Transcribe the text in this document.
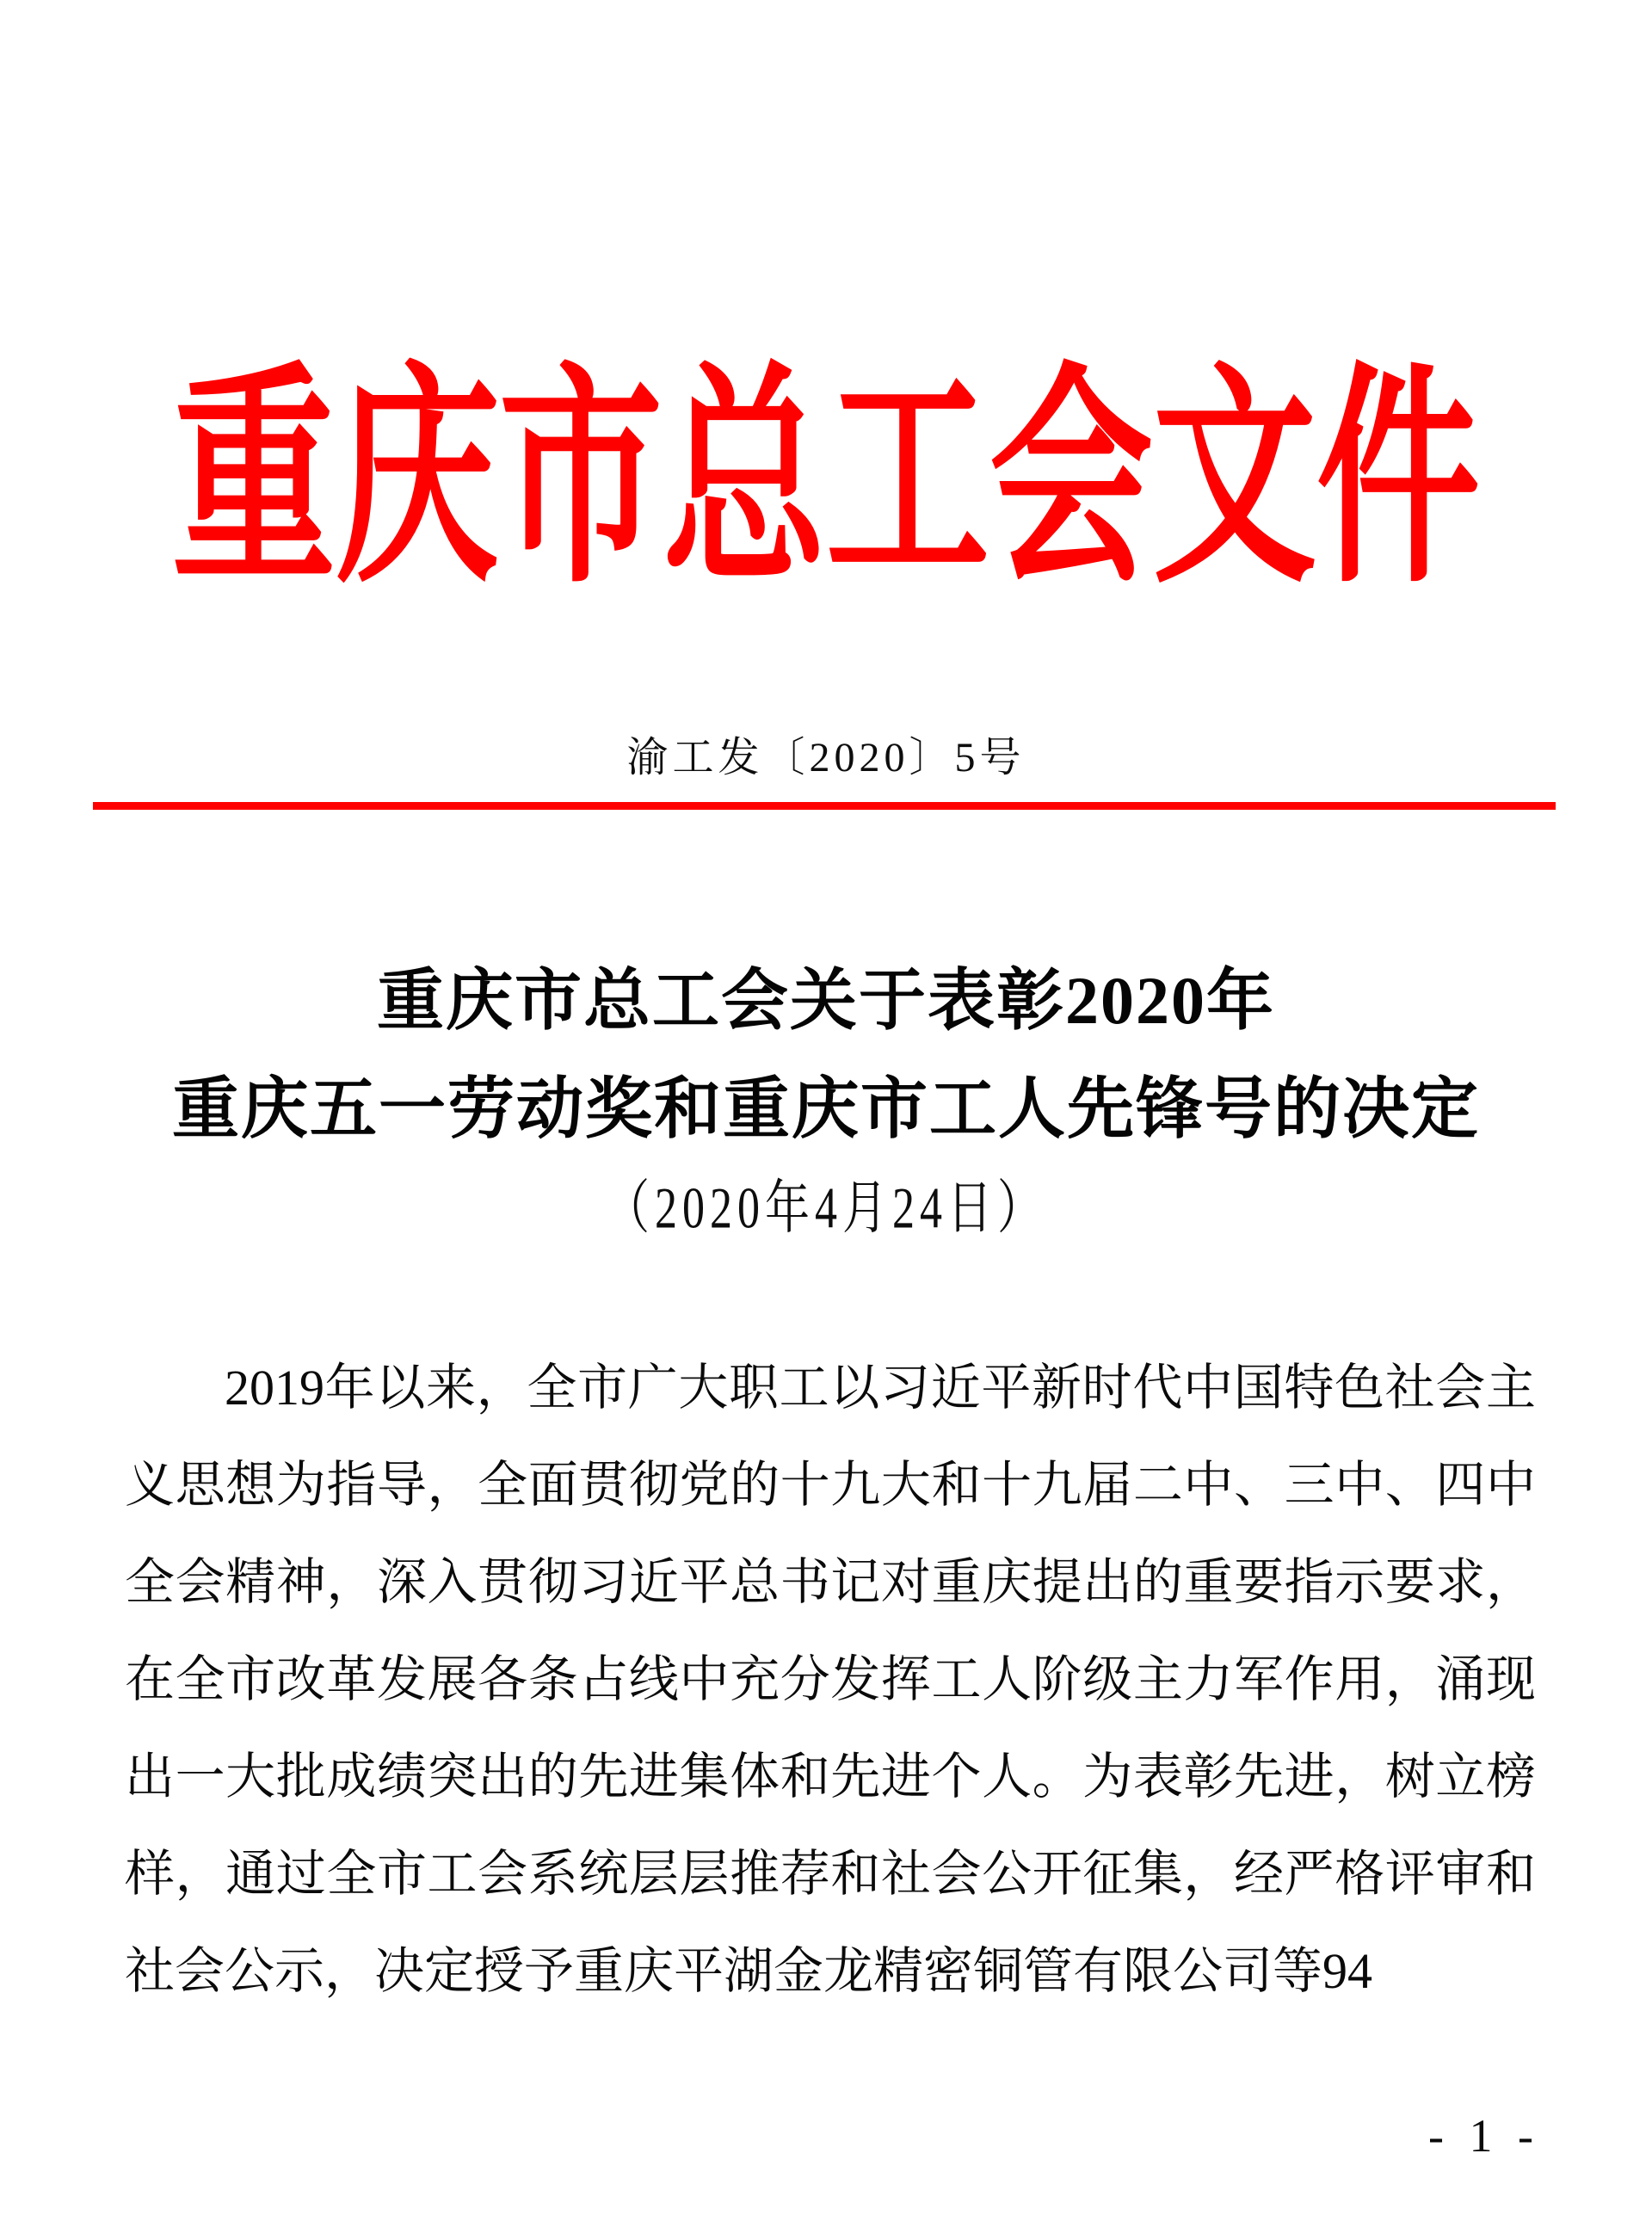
重庆市总工会文件
渝工发〔2020〕5号
重庆市总工会关于表彰2020年
重庆五一劳动奖和重庆市工人先锋号的决定
（2020年4月24日）
2019年以来，全市广大职工以习近平新时代中国特色社会主义思想为指导，全面贯彻党的十九大和十九届二中、三中、四中全会精神，深入贯彻习近平总书记对重庆提出的重要指示要求，在全市改革发展各条占线中充分发挥工人阶级主力军作用，涌现出一大批成绩突出的先进集体和先进个人。为表彰先进，树立榜样，通过全市工会系统层层推荐和社会公开征集，经严格评审和社会公示，决定授予重庆平湖金龙精密铜管有限公司等94
- 1 -
